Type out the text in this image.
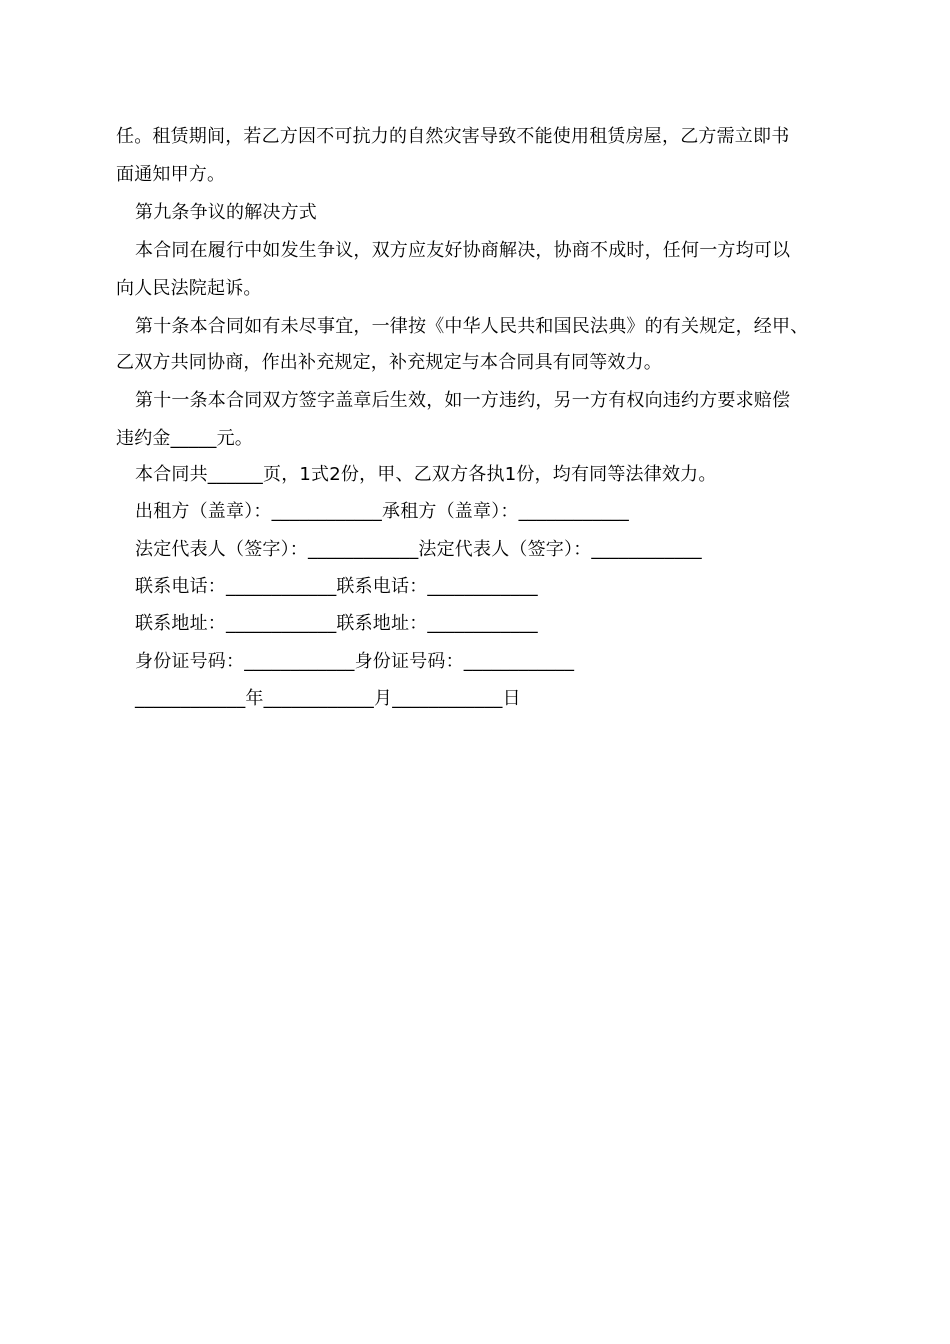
任。租赁期间，若乙方因不可抗力的自然灾害导致不能使用租赁房屋，乙方需立即书
面通知甲方。
第九条争议的解决方式
本合同在履行中如发生争议，双方应友好协商解决，协商不成时，任何一方均可以
向人民法院起诉。
第十条本合同如有未尽事宜，一律按《中华人民共和国民法典》的有关规定，经甲、
乙双方共同协商，作出补充规定，补充规定与本合同具有同等效力。
第十一条本合同双方签字盖章后生效，如一方违约，另一方有权向违约方要求赔偿
违约金_____元。
本合同共______页，1式2份，甲、乙双方各执1份，均有同等法律效力。
出租方（盖章）：____________承租方（盖章）：____________
法定代表人（签字）：____________法定代表人（签字）：____________
联系电话：____________联系电话：____________
联系地址：____________联系地址：____________
身份证号码：____________身份证号码：____________
____________年____________月____________日
